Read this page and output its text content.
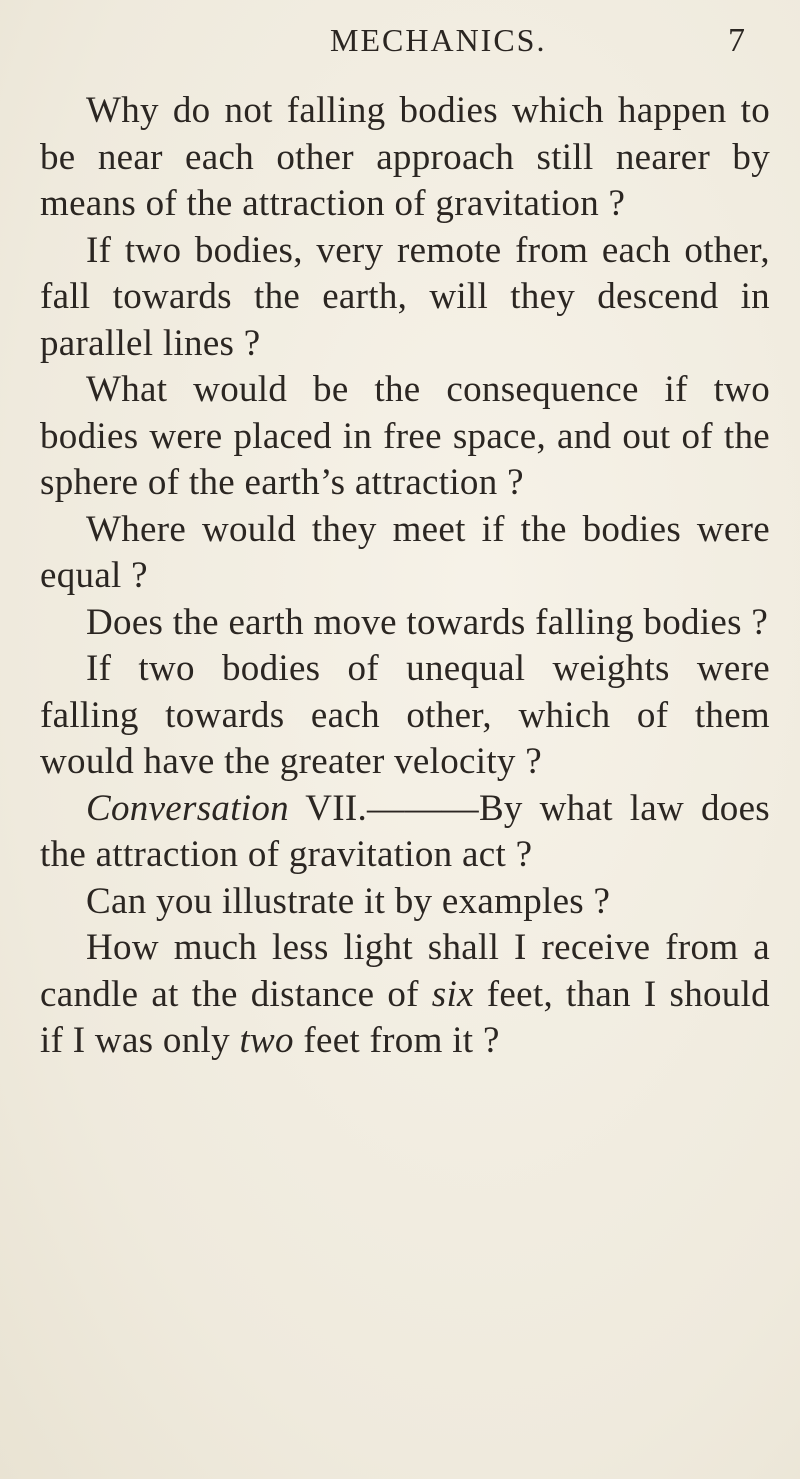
MECHANICS.	7

Why do not falling bodies which happen to be near each other approach still nearer by means of the attraction of gravitation ?

If two bodies, very remote from each other, fall towards the earth, will they descend in parallel lines ?

What would be the consequence if two bodies were placed in free space, and out of the sphere of the earth’s attraction ?

Where would they meet if the bodies were equal ?

Does the earth move towards falling bodies ?

If two bodies of unequal weights were falling towards each other, which of them would have the greater velocity ?

Conversation VII.———By what law does the attraction of gravitation act ?

Can you illustrate it by examples ?

How much less light shall I receive from a candle at the distance of six feet, than I should if I was only two feet from it ?
